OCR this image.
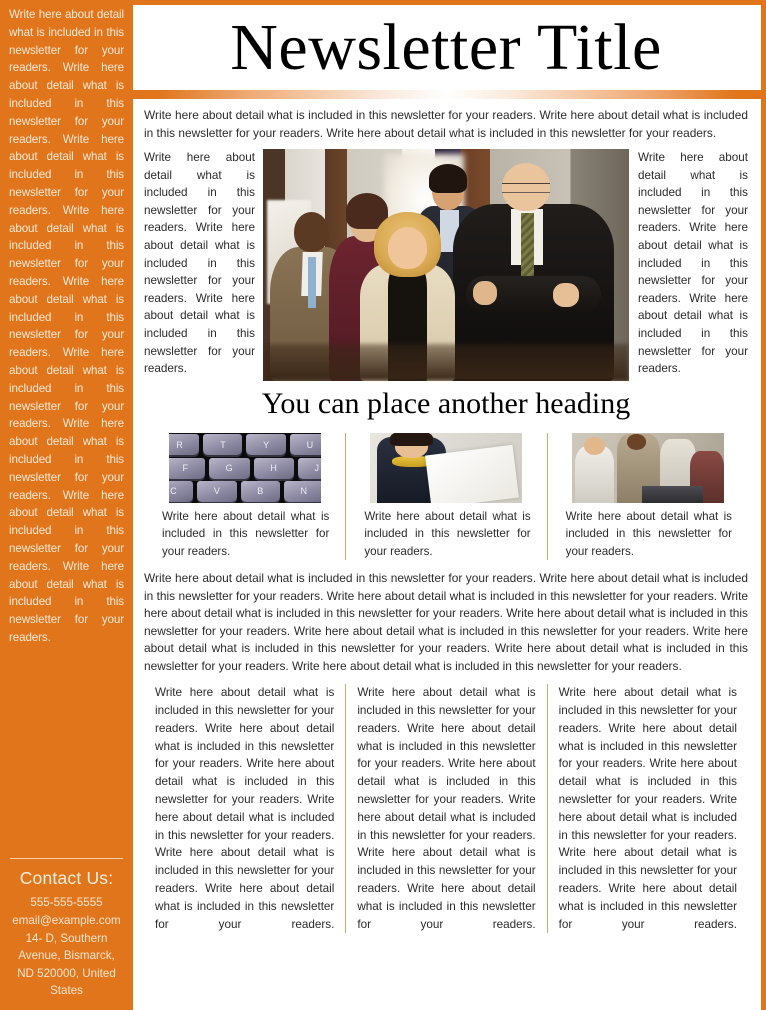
Write here about detail what is included in this newsletter for your readers. Write here about detail what is included in this newsletter for your readers. Write here about detail what is included in this newsletter for your readers. Write here about detail what is included in this newsletter for your readers. Write here about detail what is included in this newsletter for your readers. Write here about detail what is included in this newsletter for your readers. Write here about detail what is included in this newsletter for your readers. Write here about detail what is included in this newsletter for your readers. Write here about detail what is included in this newsletter for your readers.

Contact Us:

555-555-5555

email@example.com

14- D, Southern Avenue, Bismarck, ND 520000, United States

Newsletter Title

Write here about detail what is included in this newsletter for your readers. Write here about detail what is included in this newsletter for your readers. Write here about detail what is included in this newsletter for your readers.

Write here about detail what is included in this newsletter for your readers. Write here about detail what is included in this newsletter for your readers. Write here about detail what is included in this newsletter for your readers.

Write here about detail what is included in this newsletter for your readers. Write here about detail what is included in this newsletter for your readers. Write here about detail what is included in this newsletter for your readers.

You can place another heading
R	T	Y	U
F	G	H	J
C	V	B	N

Write here about detail what is included in this newsletter for your readers.

Write here about detail what is included in this newsletter for your readers.

Write here about detail what is included in this newsletter for your readers.

Write here about detail what is included in this newsletter for your readers. Write here about detail what is included in this newsletter for your readers. Write here about detail what is included in this newsletter for your readers. Write here about detail what is included in this newsletter for your readers. Write here about detail what is included in this newsletter for your readers. Write here about detail what is included in this newsletter for your readers. Write here about detail what is included in this newsletter for your readers. Write here about detail what is included in this newsletter for your readers. Write here about detail what is included in this newsletter for your readers.

Write here about detail what is included in this newsletter for your readers. Write here about detail what is included in this newsletter for your readers. Write here about detail what is included in this newsletter for your readers. Write here about detail what is included in this newsletter for your readers. Write here about detail what is included in this newsletter for your readers. Write here about detail what is included in this newsletter for your readers.

Write here about detail what is included in this newsletter for your readers. Write here about detail what is included in this newsletter for your readers. Write here about detail what is included in this newsletter for your readers. Write here about detail what is included in this newsletter for your readers. Write here about detail what is included in this newsletter for your readers. Write here about detail what is included in this newsletter for your readers.

Write here about detail what is included in this newsletter for your readers. Write here about detail what is included in this newsletter for your readers. Write here about detail what is included in this newsletter for your readers. Write here about detail what is included in this newsletter for your readers. Write here about detail what is included in this newsletter for your readers. Write here about detail what is included in this newsletter for your readers.
